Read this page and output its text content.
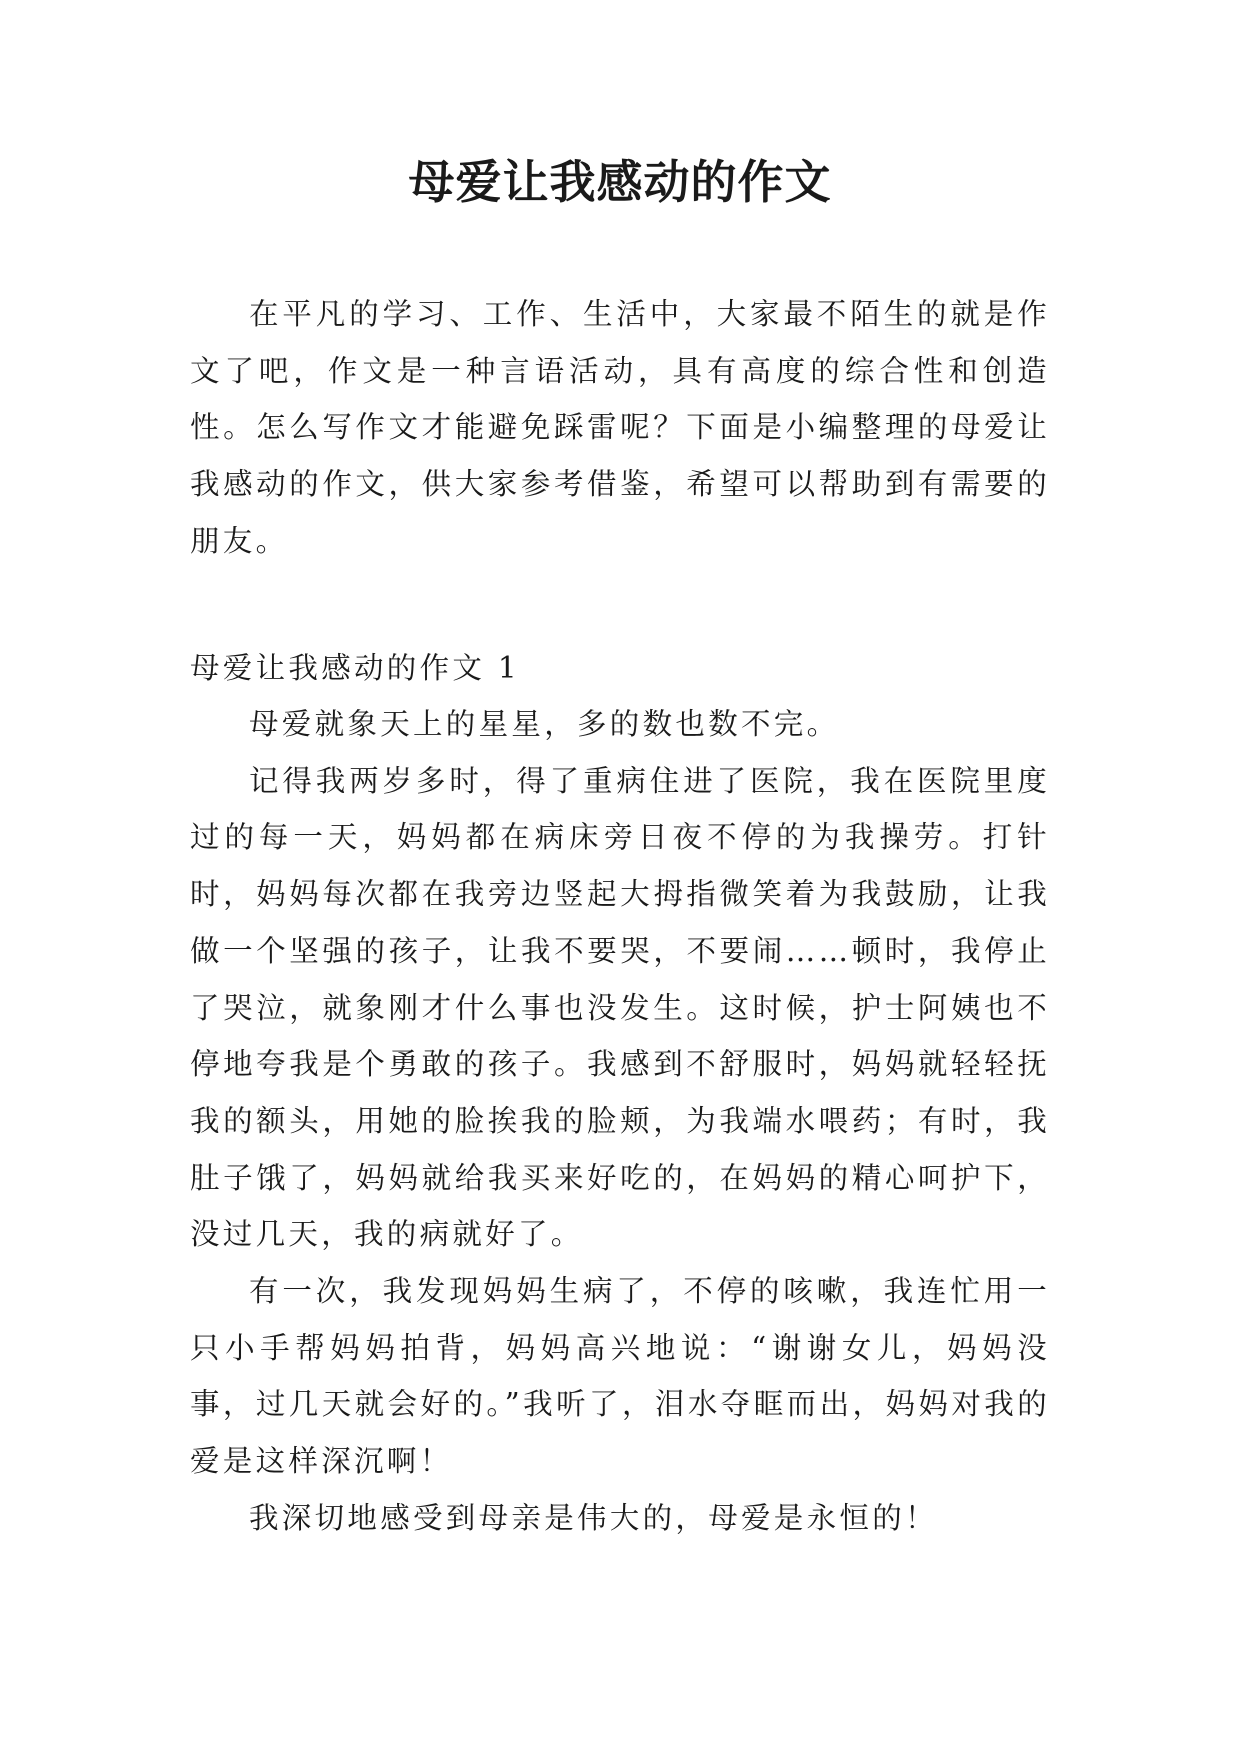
母爱让我感动的作文

在平凡的学习、工作、生活中，大家最不陌生的就是作文了吧，作文是一种言语活动，具有高度的综合性和创造性。怎么写作文才能避免踩雷呢？下面是小编整理的母爱让我感动的作文，供大家参考借鉴，希望可以帮助到有需要的朋友。

母爱让我感动的作文 1

母爱就象天上的星星，多的数也数不完。

记得我两岁多时，得了重病住进了医院，我在医院里度过的每一天，妈妈都在病床旁日夜不停的为我操劳。打针时，妈妈每次都在我旁边竖起大拇指微笑着为我鼓励，让我做一个坚强的孩子，让我不要哭，不要闹……顿时，我停止了哭泣，就象刚才什么事也没发生。这时候，护士阿姨也不停地夸我是个勇敢的孩子。我感到不舒服时，妈妈就轻轻抚我的额头，用她的脸挨我的脸颊，为我端水喂药；有时，我肚子饿了，妈妈就给我买来好吃的，在妈妈的精心呵护下，没过几天，我的病就好了。

有一次，我发现妈妈生病了，不停的咳嗽，我连忙用一只小手帮妈妈拍背，妈妈高兴地说：“谢谢女儿，妈妈没事，过几天就会好的。”我听了，泪水夺眶而出，妈妈对我的爱是这样深沉啊！

我深切地感受到母亲是伟大的，母爱是永恒的！
